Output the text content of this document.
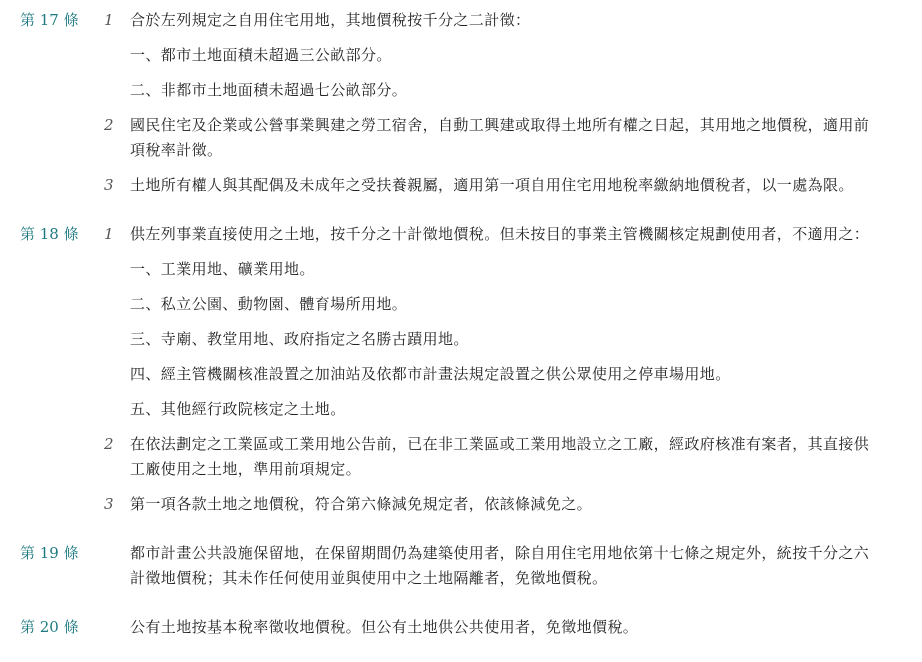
第 17 條	1	合於左列規定之自用住宅用地，其地價稅按千分之二計徵：
一、都市土地面積未超過三公畝部分。
二、非都市土地面積未超過七公畝部分。
2	國民住宅及企業或公營事業興建之勞工宿舍，自動工興建或取得土地所有權之日起，其用地之地價稅，適用前
項稅率計徵。
3	土地所有權人與其配偶及未成年之受扶養親屬，適用第一項自用住宅用地稅率繳納地價稅者，以一處為限。
第 18 條	1	供左列事業直接使用之土地，按千分之十計徵地價稅。但未按目的事業主管機關核定規劃使用者，不適用之：
一、工業用地、礦業用地。
二、私立公園、動物園、體育場所用地。
三、寺廟、教堂用地、政府指定之名勝古蹟用地。
四、經主管機關核准設置之加油站及依都市計畫法規定設置之供公眾使用之停車場用地。
五、其他經行政院核定之土地。
2	在依法劃定之工業區或工業用地公告前，已在非工業區或工業用地設立之工廠，經政府核准有案者，其直接供
工廠使用之土地，準用前項規定。
3	第一項各款土地之地價稅，符合第六條減免規定者，依該條減免之。
第 19 條	都市計畫公共設施保留地，在保留期間仍為建築使用者，除自用住宅用地依第十七條之規定外，統按千分之六
計徵地價稅；其未作任何使用並與使用中之土地隔離者，免徵地價稅。
第 20 條	公有土地按基本稅率徵收地價稅。但公有土地供公共使用者，免徵地價稅。
